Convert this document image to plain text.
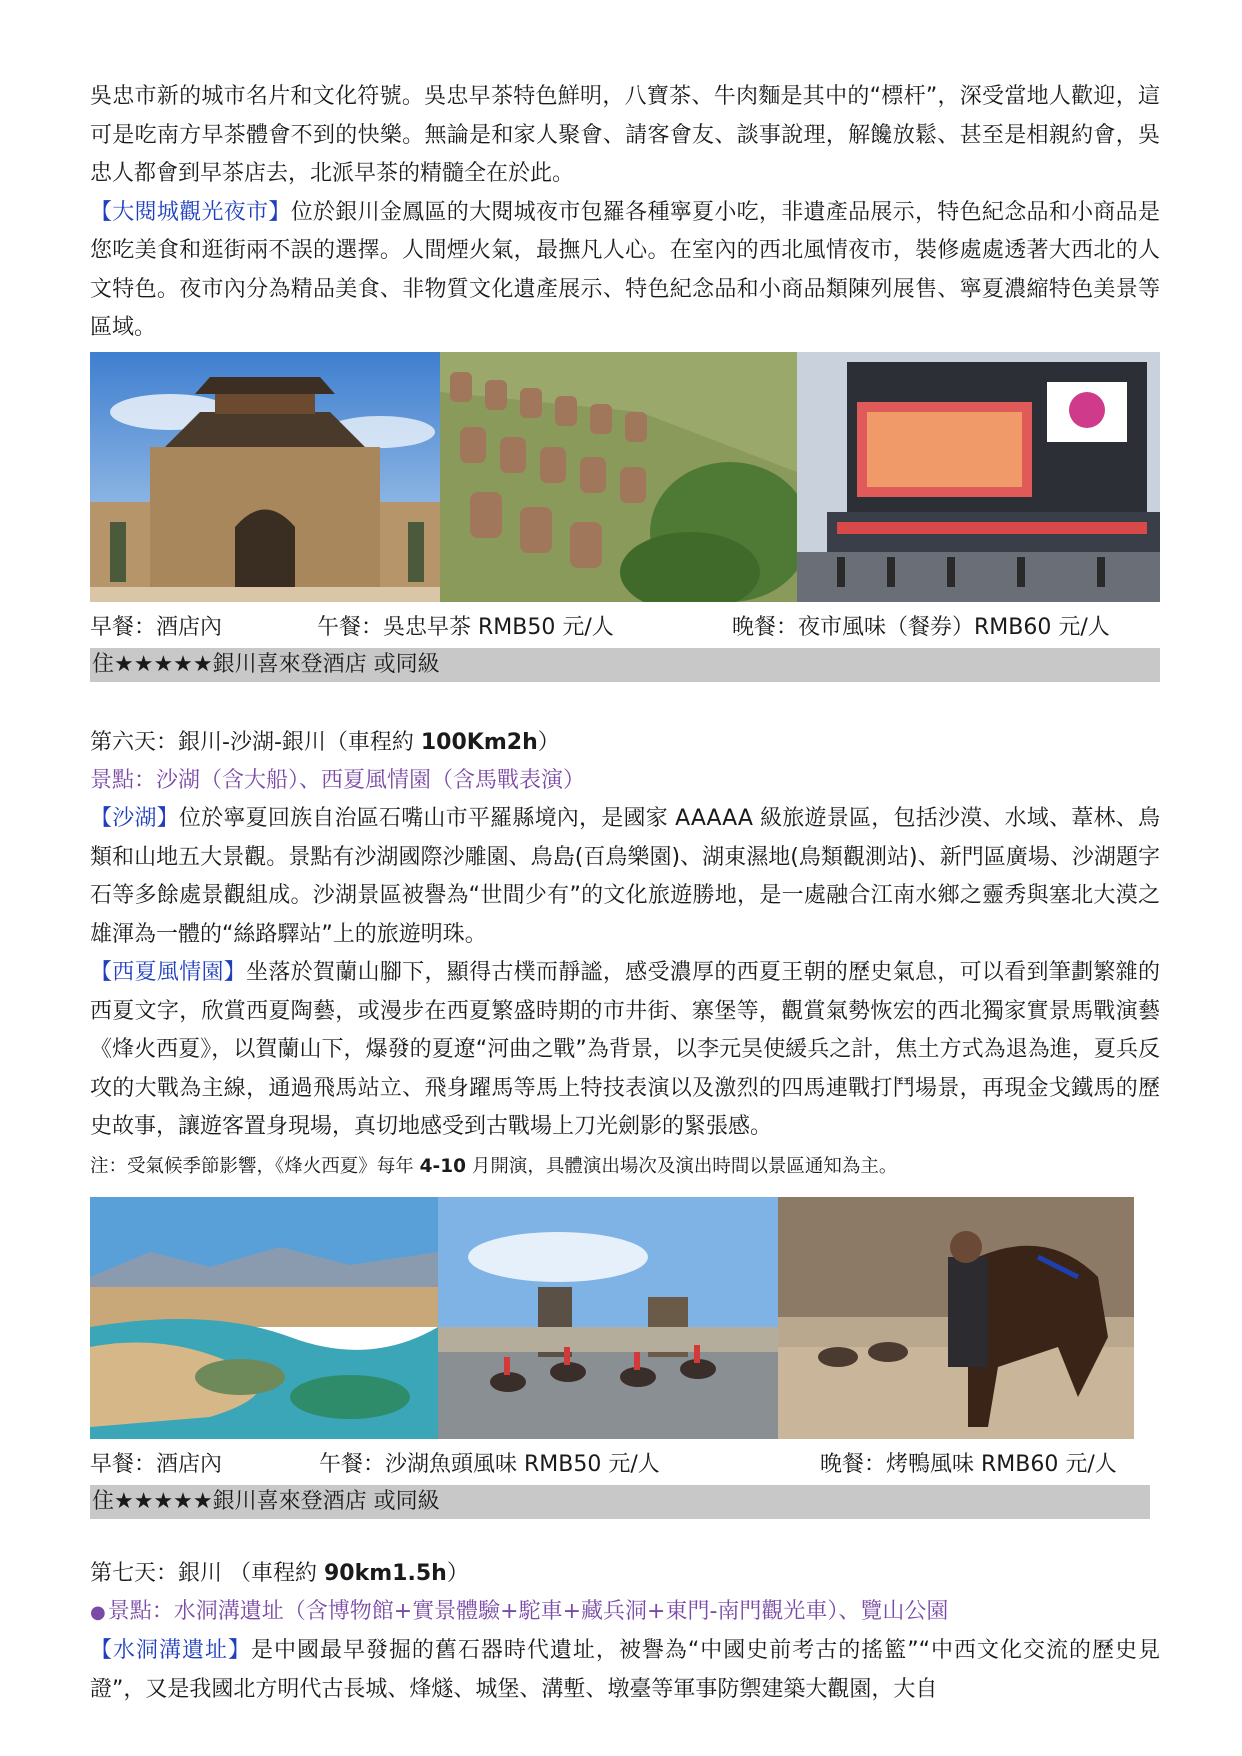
吳忠市新的城市名片和文化符號。吳忠早茶特色鮮明，八寶茶、牛肉麵是其中的“標杆”，深受當地人歡迎，這可是吃南方早茶體會不到的快樂。無論是和家人聚會、請客會友、談事說理，解饞放鬆、甚至是相親約會，吳忠人都會到早茶店去，北派早茶的精髓全在於此。

【大閱城觀光夜市】位於銀川金鳳區的大閱城夜市包羅各種寧夏小吃，非遺產品展示，特色紀念品和小商品是您吃美食和逛街兩不誤的選擇。人間煙火氣，最撫凡人心。在室內的西北風情夜市，裝修處處透著大西北的人文特色。夜市內分為精品美食、非物質文化遺產展示、特色紀念品和小商品類陳列展售、寧夏濃縮特色美景等區域。

早餐：酒店內	午餐：吳忠早茶 RMB50 元/人	晚餐：夜市風味（餐券）RMB60 元/人
住★★★★★銀川喜來登酒店 或同級

第六天：銀川-沙湖-銀川（車程約 100Km2h）

景點：沙湖（含大船）、西夏風情園（含馬戰表演）

【沙湖】位於寧夏回族自治區石嘴山市平羅縣境內，是國家 AAAAA 級旅遊景區，包括沙漠、水域、葦林、鳥類和山地五大景觀。景點有沙湖國際沙雕園、鳥島(百鳥樂園)、湖東濕地(鳥類觀測站)、新門區廣場、沙湖題字石等多餘處景觀組成。沙湖景區被譽為“世間少有”的文化旅遊勝地，是一處融合江南水鄉之靈秀與塞北大漠之雄渾為一體的“絲路驛站”上的旅遊明珠。

【西夏風情園】坐落於賀蘭山腳下，顯得古樸而靜謐，感受濃厚的西夏王朝的歷史氣息，可以看到筆劃繁雜的西夏文字，欣賞西夏陶藝，或漫步在西夏繁盛時期的市井街、寨堡等，觀賞氣勢恢宏的西北獨家實景馬戰演藝《烽火西夏》，以賀蘭山下，爆發的夏遼“河曲之戰”為背景，以李元昊使緩兵之計，焦土方式為退為進，夏兵反攻的大戰為主線，通過飛馬站立、飛身躍馬等馬上特技表演以及激烈的四馬連戰打鬥場景，再現金戈鐵馬的歷史故事，讓遊客置身現場，真切地感受到古戰場上刀光劍影的緊張感。

注：受氣候季節影響，《烽火西夏》每年 4-10 月開演，具體演出場次及演出時間以景區通知為主。

早餐：酒店內	午餐：沙湖魚頭風味 RMB50 元/人	晚餐：烤鴨風味 RMB60 元/人
住★★★★★銀川喜來登酒店 或同級

第七天：銀川 （車程約 90km1.5h）

●景點：水洞溝遺址（含博物館+實景體驗+駝車+藏兵洞+東門-南門觀光車）、覽山公園

【水洞溝遺址】是中國最早發掘的舊石器時代遺址，被譽為“中國史前考古的搖籃”“中西文化交流的歷史見證”，又是我國北方明代古長城、烽燧、城堡、溝塹、墩臺等軍事防禦建築大觀園，大自
